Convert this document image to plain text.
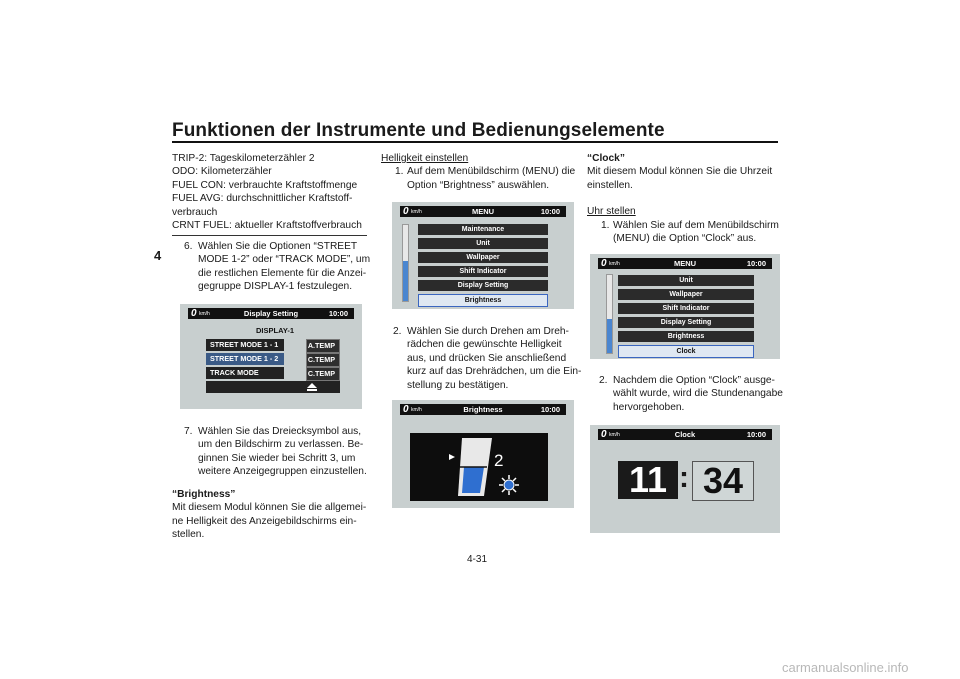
Funktionen der Instrumente und Bedienungselemente
4

TRIP-2: Tageskilometerzähler 2

ODO: Kilometerzähler

FUEL CON: verbrauchte Kraftstoffmenge

FUEL AVG: durchschnittlicher Kraftstoff-

verbrauch

CRNT FUEL: aktueller Kraftstoffverbrauch

6. Wählen Sie die Optionen “STREET

MODE 1-2” oder “TRACK MODE”, um

die restlichen Elemente für die Anzei-

gegruppe DISPLAY-1 festzulegen.

0 km/h	Display Setting	10:00
DISPLAY-1
STREET MODE 1 - 1	A.TEMP
STREET MODE 1 - 2	C.TEMP
TRACK MODE	C.TEMP
7. Wählen Sie das Dreiecksymbol aus,

um den Bildschirm zu verlassen. Be-

ginnen Sie wieder bei Schritt 3, um

weitere Anzeigegruppen einzustellen.

“Brightness”

Mit diesem Modul können Sie die allgemei-

ne Helligkeit des Anzeigebildschirms ein-

stellen.

Helligkeit einstellen

1. Auf dem Menübildschirm (MENU) die

Option “Brightness” auswählen.

0 km/h	MENU	10:00
Maintenance
Unit
Wallpaper
Shift Indicator
Display Setting
Brightness
2. Wählen Sie durch Drehen am Dreh-

rädchen die gewünschte Helligkeit

aus, und drücken Sie anschließend

kurz auf das Drehrädchen, um die Ein-

stellung zu bestätigen.

0 km/h	Brightness	10:00
2

“Clock”

Mit diesem Modul können Sie die Uhrzeit

einstellen.

Uhr stellen

1. Wählen Sie auf dem Menübildschirm

(MENU) die Option “Clock” aus.

0 km/h	MENU	10:00
Unit
Wallpaper
Shift Indicator
Display Setting
Brightness
Clock
2. Nachdem die Option “Clock” ausge-

wählt wurde, wird die Stundenangabe

hervorgehoben.

0 km/h	Clock	10:00
11 : 34
4-31
carmanualsonline.info
